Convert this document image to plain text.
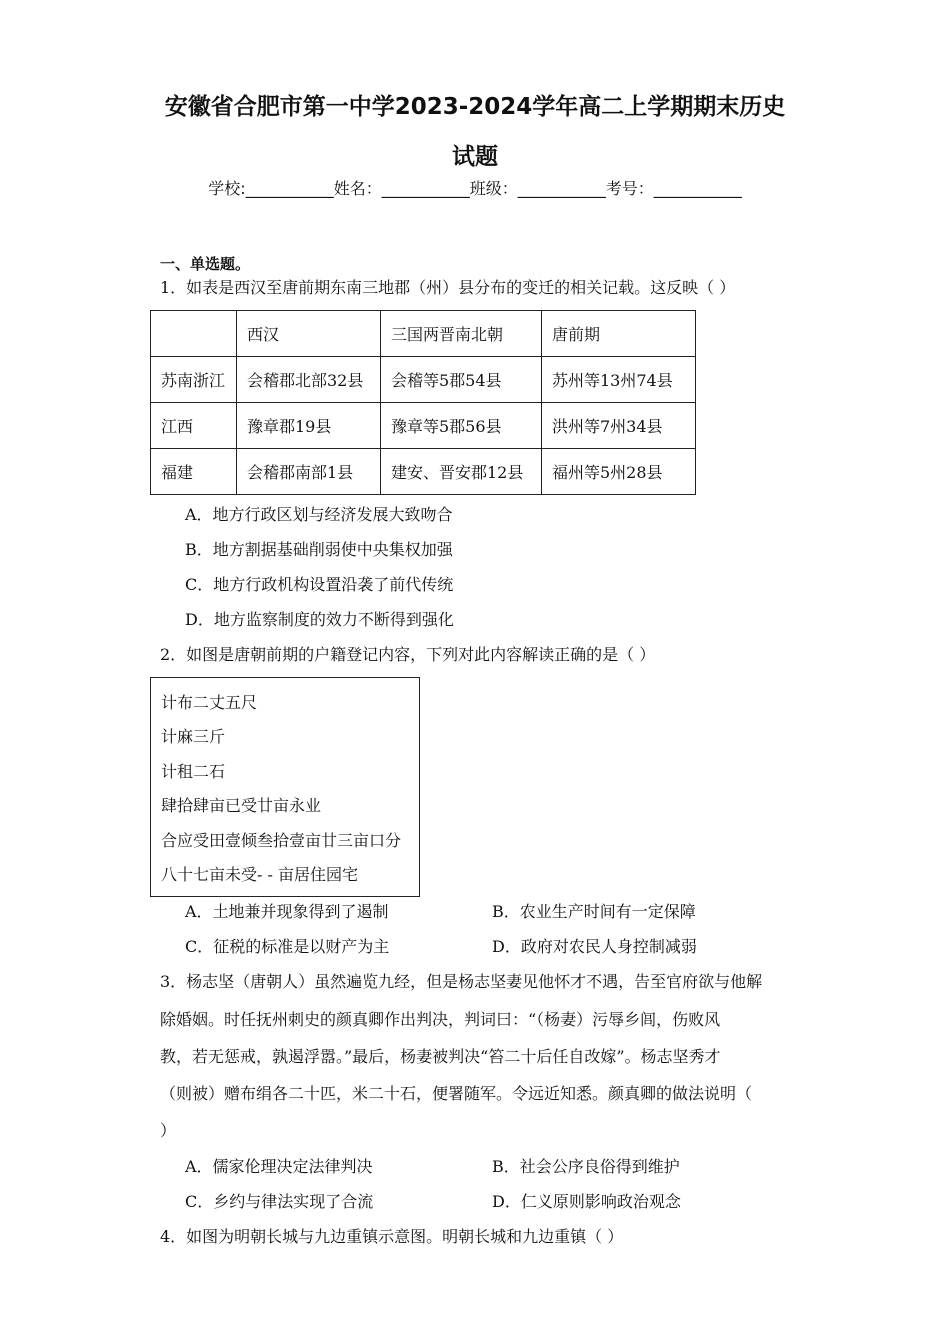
安徽省合肥市第一中学2023-2024学年高二上学期期末历史
试题
学校:___________姓名：___________班级：___________考号：___________
一、单选题。
1．如表是西汉至唐前期东南三地郡（州）县分布的变迁的相关记载。这反映（ ）
	西汉	三国两晋南北朝	唐前期
苏南浙江	会稽郡北部32县	会稽等5郡54县	苏州等13州74县
江西	豫章郡19县	豫章等5郡56县	洪州等7州34县
福建	会稽郡南部1县	建安、晋安郡12县	福州等5州28县
A．地方行政区划与经济发展大致吻合
B．地方割据基础削弱使中央集权加强
C．地方行政机构设置沿袭了前代传统
D．地方监察制度的效力不断得到强化
2．如图是唐朝前期的户籍登记内容，下列对此内容解读正确的是（ ）
计布二丈五尺
计麻三斤
计租二石
肆拾肆亩已受廿亩永业
合应受田壹倾叁拾壹亩廿三亩口分
八十七亩未受- - 亩居住园宅
A．土地兼并现象得到了遏制	B．农业生产时间有一定保障
C．征税的标准是以财产为主	D．政府对农民人身控制减弱
3．杨志坚（唐朝人）虽然遍览九经，但是杨志坚妻见他怀才不遇，告至官府欲与他解
除婚姻。时任抚州刺史的颜真卿作出判决，判词曰：“（杨妻）污辱乡闾，伤败风
教，若无惩戒，孰遏浮嚣。”最后，杨妻被判决“笞二十后任自改嫁”。杨志坚秀才
（则被）赠布绢各二十匹，米二十石，便署随军。令远近知悉。颜真卿的做法说明（
）
A．儒家伦理决定法律判决	B．社会公序良俗得到维护
C．乡约与律法实现了合流	D．仁义原则影响政治观念
4．如图为明朝长城与九边重镇示意图。明朝长城和九边重镇（ ）
